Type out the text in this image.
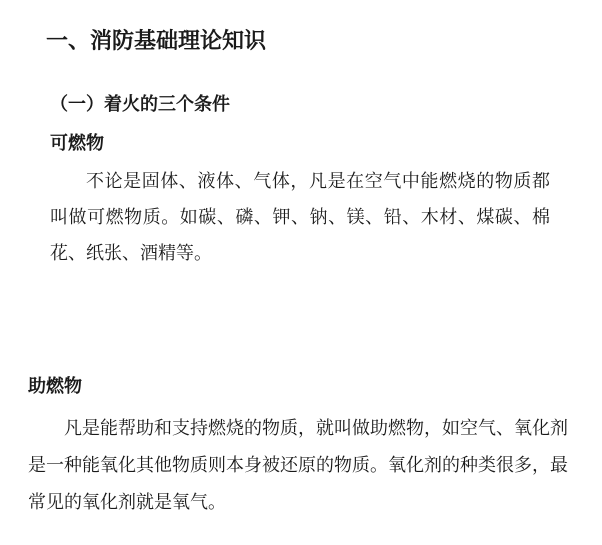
一、消防基础理论知识
（一）着火的三个条件
可燃物

不论是固体、液体、气体，凡是在空气中能燃烧的物质都叫做可燃物质。如碳、磷、钾、钠、镁、铅、木材、煤碳、棉花、纸张、酒精等。

助燃物

凡是能帮助和支持燃烧的物质，就叫做助燃物，如空气、氧化剂是一种能氧化其他物质则本身被还原的物质。氧化剂的种类很多，最常见的氧化剂就是氧气。
